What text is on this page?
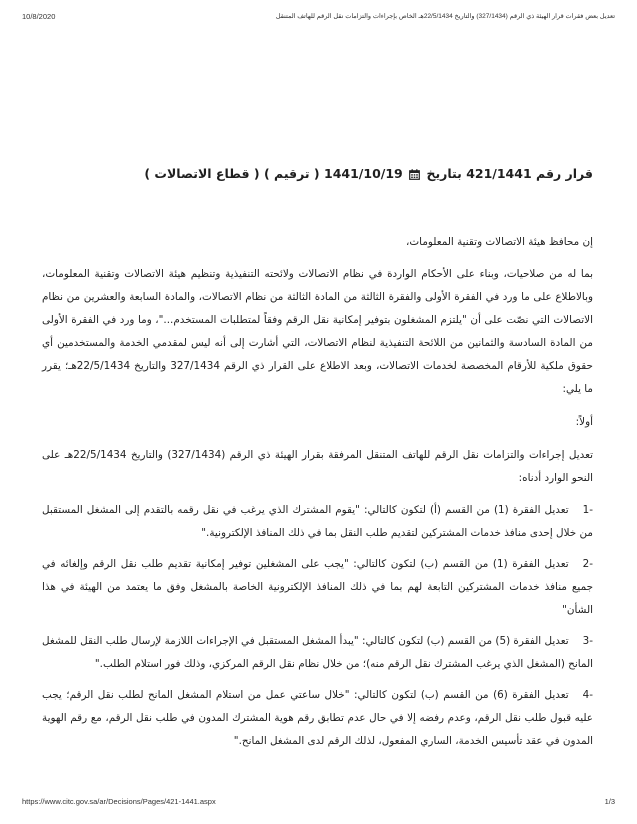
10/8/2020	تعديل بعض فقرات قرار الهيئة ذي الرقم (327/1434) والتاريخ 22/5/1434هـ الخاص بإجراءات والتزامات نقل الرقم للهاتف المتنقل
قرار رقم 421/1441 بتاريخ  1441/10/19 ( ترقيم ) ( قطاع الاتصالات )

إن محافظ هيئة الاتصالات وتقنية المعلومات،

بما له من صلاحيات، وبناء على الأحكام الواردة في نظام الاتصالات ولائحته التنفيذية وتنظيم هيئة الاتصالات وتقنية المعلومات، وبالاطلاع على ما ورد في الفقرة الأولى والفقرة الثالثة من المادة الثالثة من نظام الاتصالات، والمادة السابعة والعشرين من نظام الاتصالات التي نصّت على أن "يلتزم المشغلون بتوفير إمكانية نقل الرقم وفقاً لمتطلبات المستخدم..."، وما ورد في الفقرة الأولى من المادة السادسة والثمانين من اللائحة التنفيذية لنظام الاتصالات، التي أشارت إلى أنه ليس لمقدمي الخدمة والمستخدمين أي حقوق ملكية للأرقام المخصصة لخدمات الاتصالات، وبعد الاطلاع على القرار ذي الرقم 327/1434 والتاريخ 22/5/1434هـ؛ يقرر ما يلي:

أولاً:

تعديل إجراءات والتزامات نقل الرقم للهاتف المتنقل المرفقة بقرار الهيئة ذي الرقم (327/1434) والتاريخ 22/5/1434هـ على النحو الوارد أدناه:

-1تعديل الفقرة (1) من القسم (أ) لتكون كالتالي: "يقوم المشترك الذي يرغب في نقل رقمه بالتقدم إلى المشغل المستقبل من خلال إحدى منافذ خدمات المشتركين لتقديم طلب النقل بما في ذلك المنافذ الإلكترونية."

-2تعديل الفقرة (1) من القسم (ب) لتكون كالتالي: "يجب على المشغلين توفير إمكانية تقديم طلب نقل الرقم وإلغائه في جميع منافذ خدمات المشتركين التابعة لهم بما في ذلك المنافذ الإلكترونية الخاصة بالمشغل وفق ما يعتمد من الهيئة في هذا الشأن"

-3تعديل الفقرة (5) من القسم (ب) لتكون كالتالي: "يبدأ المشغل المستقبل في الإجراءات اللازمة لإرسال طلب النقل للمشغل المانح (المشغل الذي يرغب المشترك نقل الرقم منه)؛ من خلال نظام نقل الرقم المركزي، وذلك فور استلام الطلب."

-4تعديل الفقرة (6) من القسم (ب) لتكون كالتالي: "خلال ساعتي عمل من استلام المشغل المانح لطلب نقل الرقم؛ يجب عليه قبول طلب نقل الرقم، وعدم رفضه إلا في حال عدم تطابق رقم هوية المشترك المدون في طلب نقل الرقم، مع رقم الهوية المدون في عقد تأسيس الخدمة، الساري المفعول، لذلك الرقم لدى المشغل المانح."

https://www.citc.gov.sa/ar/Decisions/Pages/421-1441.aspx	1/3
